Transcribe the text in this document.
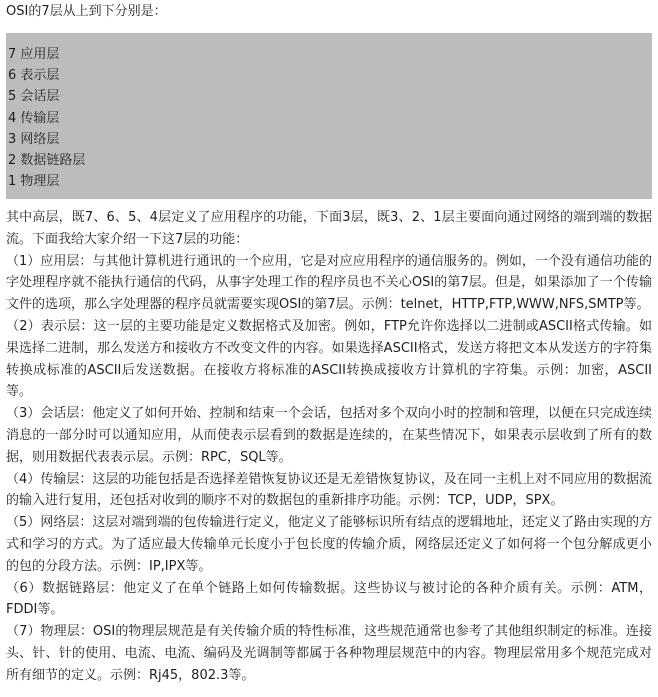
OSI的7层从上到下分别是：

7 应用层
6 表示层
5 会话层
4 传输层
3 网络层
2 数据链路层
1 物理层

其中高层，既7、6、5、4层定义了应用程序的功能，下面3层，既3、2、1层主要面向通过网络的端到端的数据流。下面我给大家介绍一下这7层的功能：

（1）应用层：与其他计算机进行通讯的一个应用，它是对应应用程序的通信服务的。例如，一个没有通信功能的字处理程序就不能执行通信的代码，从事字处理工作的程序员也不关心OSI的第7层。但是，如果添加了一个传输文件的选项，那么字处理器的程序员就需要实现OSI的第7层。示例：telnet，HTTP,FTP,WWW,NFS,SMTP等。

（2）表示层：这一层的主要功能是定义数据格式及加密。例如，FTP允许你选择以二进制或ASCII格式传输。如果选择二进制，那么发送方和接收方不改变文件的内容。如果选择ASCII格式，发送方将把文本从发送方的字符集转换成标准的ASCII后发送数据。在接收方将标准的ASCII转换成接收方计算机的字符集。示例：加密，ASCII等。

（3）会话层：他定义了如何开始、控制和结束一个会话，包括对多个双向小时的控制和管理，以便在只完成连续消息的一部分时可以通知应用，从而使表示层看到的数据是连续的，在某些情况下，如果表示层收到了所有的数据，则用数据代表表示层。示例：RPC，SQL等。

（4）传输层：这层的功能包括是否选择差错恢复协议还是无差错恢复协议，及在同一主机上对不同应用的数据流的输入进行复用，还包括对收到的顺序不对的数据包的重新排序功能。示例：TCP，UDP，SPX。

（5）网络层：这层对端到端的包传输进行定义，他定义了能够标识所有结点的逻辑地址，还定义了路由实现的方式和学习的方式。为了适应最大传输单元长度小于包长度的传输介质，网络层还定义了如何将一个包分解成更小的包的分段方法。示例：IP,IPX等。

（6）数据链路层：他定义了在单个链路上如何传输数据。这些协议与被讨论的各种介质有关。示例：ATM，FDDI等。

（7）物理层：OSI的物理层规范是有关传输介质的特性标准，这些规范通常也参考了其他组织制定的标准。连接头、针、针的使用、电流、电流、编码及光调制等都属于各种物理层规范中的内容。物理层常用多个规范完成对所有细节的定义。示例：Rj45，802.3等。
